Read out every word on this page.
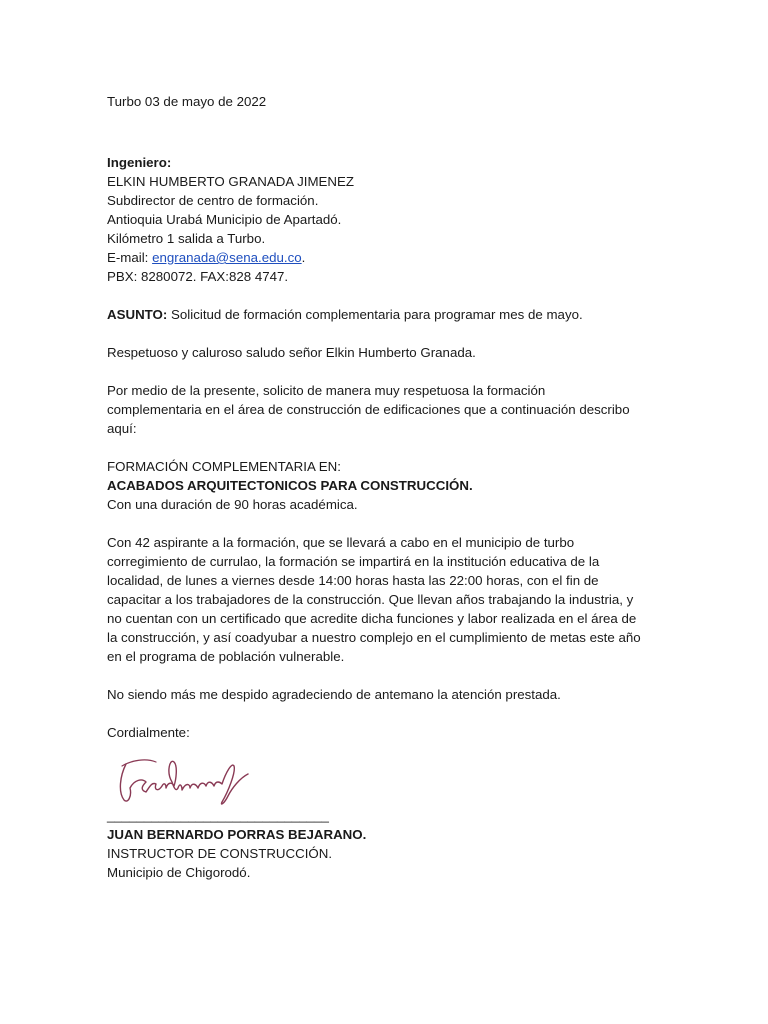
Turbo 03 de mayo de 2022
Ingeniero:
ELKIN HUMBERTO GRANADA JIMENEZ
Subdirector de centro de formación.
Antioquia Urabá Municipio de Apartadó.
Kilómetro 1 salida a Turbo.
E-mail: engranada@sena.edu.co.
PBX: 8280072. FAX:828 4747.
ASUNTO: Solicitud de formación complementaria para programar mes de mayo.
Respetuoso y caluroso saludo señor Elkin Humberto Granada.
Por medio de la presente, solicito de manera muy respetuosa la formación
complementaria en el área de construcción de edificaciones que a continuación describo
aquí:
FORMACIÓN COMPLEMENTARIA EN:
ACABADOS ARQUITECTONICOS PARA CONSTRUCCIÓN.
Con una duración de 90 horas académica.
Con 42 aspirante a la formación, que se llevará a cabo en el municipio de turbo
corregimiento de currulao, la formación se impartirá en la institución educativa de la
localidad, de lunes a viernes desde 14:00 horas hasta las 22:00 horas, con el fin de
capacitar a los trabajadores de la construcción. Que llevan años trabajando la industria, y
no cuentan con un certificado que acredite dicha funciones y labor realizada en el área de
la construcción, y así coadyubar a nuestro complejo en el cumplimiento de metas este año
en el programa de población vulnerable.
No siendo más me despido agradeciendo de antemano la atención prestada.
Cordialmente:
______________________________
JUAN BERNARDO PORRAS BEJARANO.
INSTRUCTOR DE CONSTRUCCIÓN.
Municipio de Chigorodó.
